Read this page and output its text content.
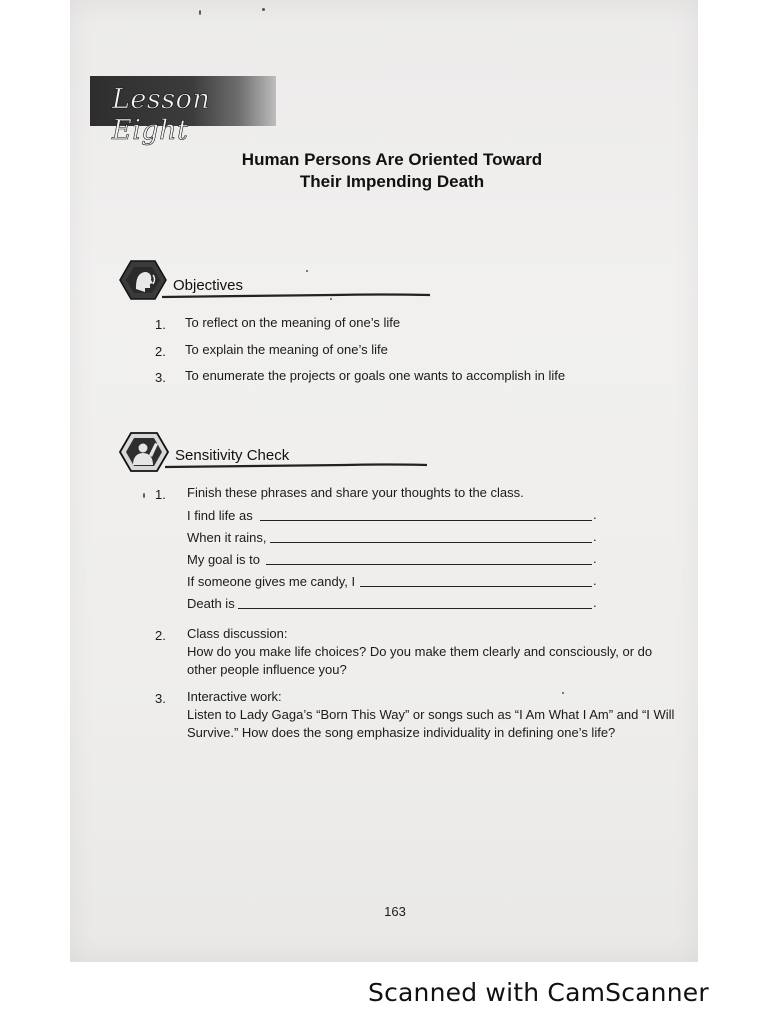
Lesson Eight
Human Persons Are Oriented Toward
Their Impending Death
Objectives
1. To reflect on the meaning of one’s life
2. To explain the meaning of one’s life
3. To enumerate the projects or goals one wants to accomplish in life
Sensitivity Check
1. Finish these phrases and share your thoughts to the class.
I find life as	.
When it rains,	.
My goal is to	.
If someone gives me candy, I	.
Death is	.
2. Class discussion:
How do you make life choices? Do you make them clearly and consciously, or do
other people influence you?
3. Interactive work:
Listen to Lady Gaga’s “Born This Way” or songs such as “I Am What I Am” and “I Will
Survive.” How does the song emphasize individuality in defining one’s life?
163
Scanned with CamScanner
